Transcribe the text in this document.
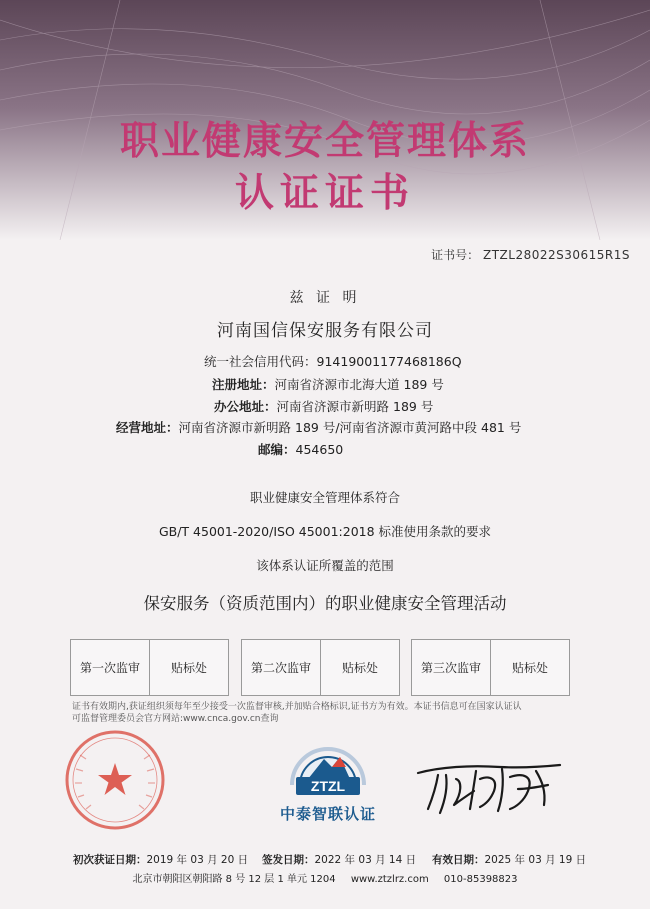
职业健康安全管理体系
认证证书
证书号： ZTZL28022S30615R1S
兹 证 明
河南国信保安服务有限公司
统一社会信用代码：91419001177468186Q
注册地址：河南省济源市北海大道 189 号
办公地址：河南省济源市新明路 189 号
经营地址：河南省济源市新明路 189 号/河南省济源市黄河路中段 481 号
邮编：454650
职业健康安全管理体系符合
GB/T 45001-2020/ISO 45001:2018 标准使用条款的要求
该体系认证所覆盖的范围
保安服务（资质范围内）的职业健康安全管理活动
第一次监审	贴标处	第二次监审	贴标处	第三次监审	贴标处
证书有效期内,获证组织须每年至少接受一次监督审核,并加贴合格标识,证书方为有效。本证书信息可在国家认证认
可监督管理委员会官方网站:www.cnca.gov.cn查询
ZTZL
中泰智联认证
初次获证日期：2019 年 03 月 20 日 签发日期：2022 年 03 月 14 日 有效日期：2025 年 03 月 19 日
北京市朝阳区朝阳路 8 号 12 层 1 单元 1204 www.ztzlrz.com 010-85398823
